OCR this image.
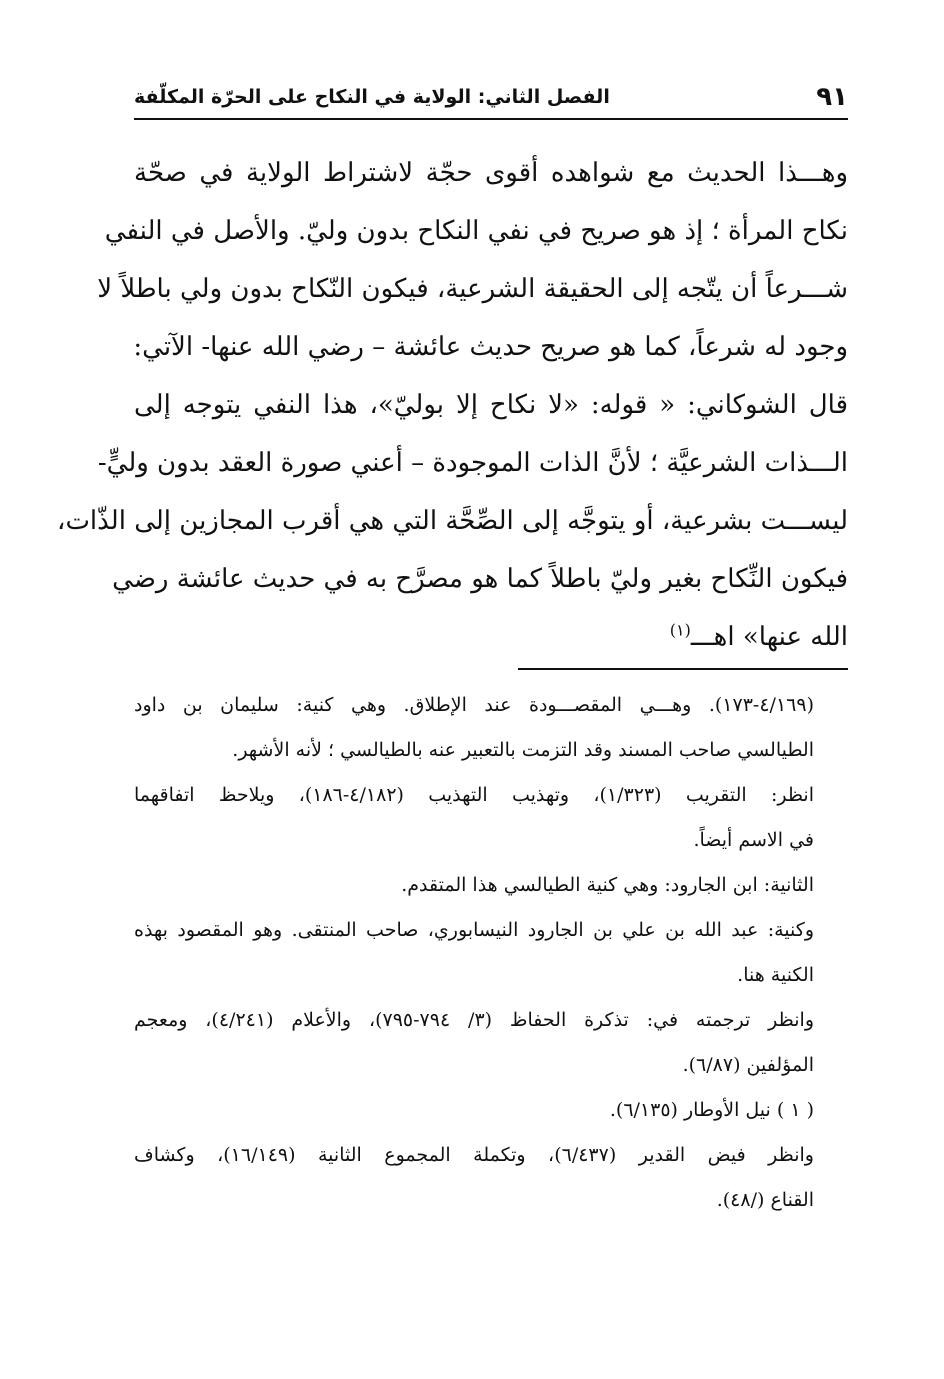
٩١
الفصل الثاني: الولاية في النكاح على الحرّة المكلّفة
وهـــذا الحديث مع شواهده أقوى حجّة لاشتراط الولاية في صحّة
نكاح المرأة ؛ إذ هو صريح في نفي النكاح بدون وليّ. والأصل في النفي
شـــرعاً أن يتّجه إلى الحقيقة الشرعية، فيكون النّكاح بدون ولي باطلاً لا
وجود له شرعاً، كما هو صريح حديث عائشة – رضي الله عنها- الآتي:
قال الشوكاني: « قوله: «لا نكاح إلا بوليّ»، هذا النفي يتوجه إلى
الـــذات الشرعيَّة ؛ لأنَّ الذات الموجودة – أعني صورة العقد بدون وليٍّ-
ليســـت بشرعية، أو يتوجَّه إلى الصِّحَّة التي هي أقرب المجازين إلى الذّات،
فيكون النِّكاح بغير وليّ باطلاً كما هو مصرَّح به في حديث عائشة رضي
الله عنها» اهـــ$^{(١)}$
(٤/١٦٩-١٧٣). وهـــي المقصـــودة عند الإطلاق. وهي كنية: سليمان بن داود
الطيالسي صاحب المسند وقد التزمت بالتعبير عنه بالطيالسي ؛ لأنه الأشهر.
انظر: التقريب (١/٣٢٣)، وتهذيب التهذيب (٤/١٨٢-١٨٦)، ويلاحظ اتفاقهما
في الاسم أيضاً.
الثانية: ابن الجارود: وهي كنية الطيالسي هذا المتقدم.
وكنية: عبد الله بن علي بن الجارود النيسابوري، صاحب المنتقى. وهو المقصود بهذه
الكنية هنا.
وانظر ترجمته في: تذكرة الحفاظ (٣/ ٧٩٤-٧٩٥)، والأعلام (٤/٢٤١)، ومعجم
المؤلفين (٦/٨٧).
( ١ ) نيل الأوطار (٦/١٣٥).
وانظر فيض القدير (٦/٤٣٧)، وتكملة المجموع الثانية (١٦/١٤٩)، وكشاف
القناع (/٤٨).
